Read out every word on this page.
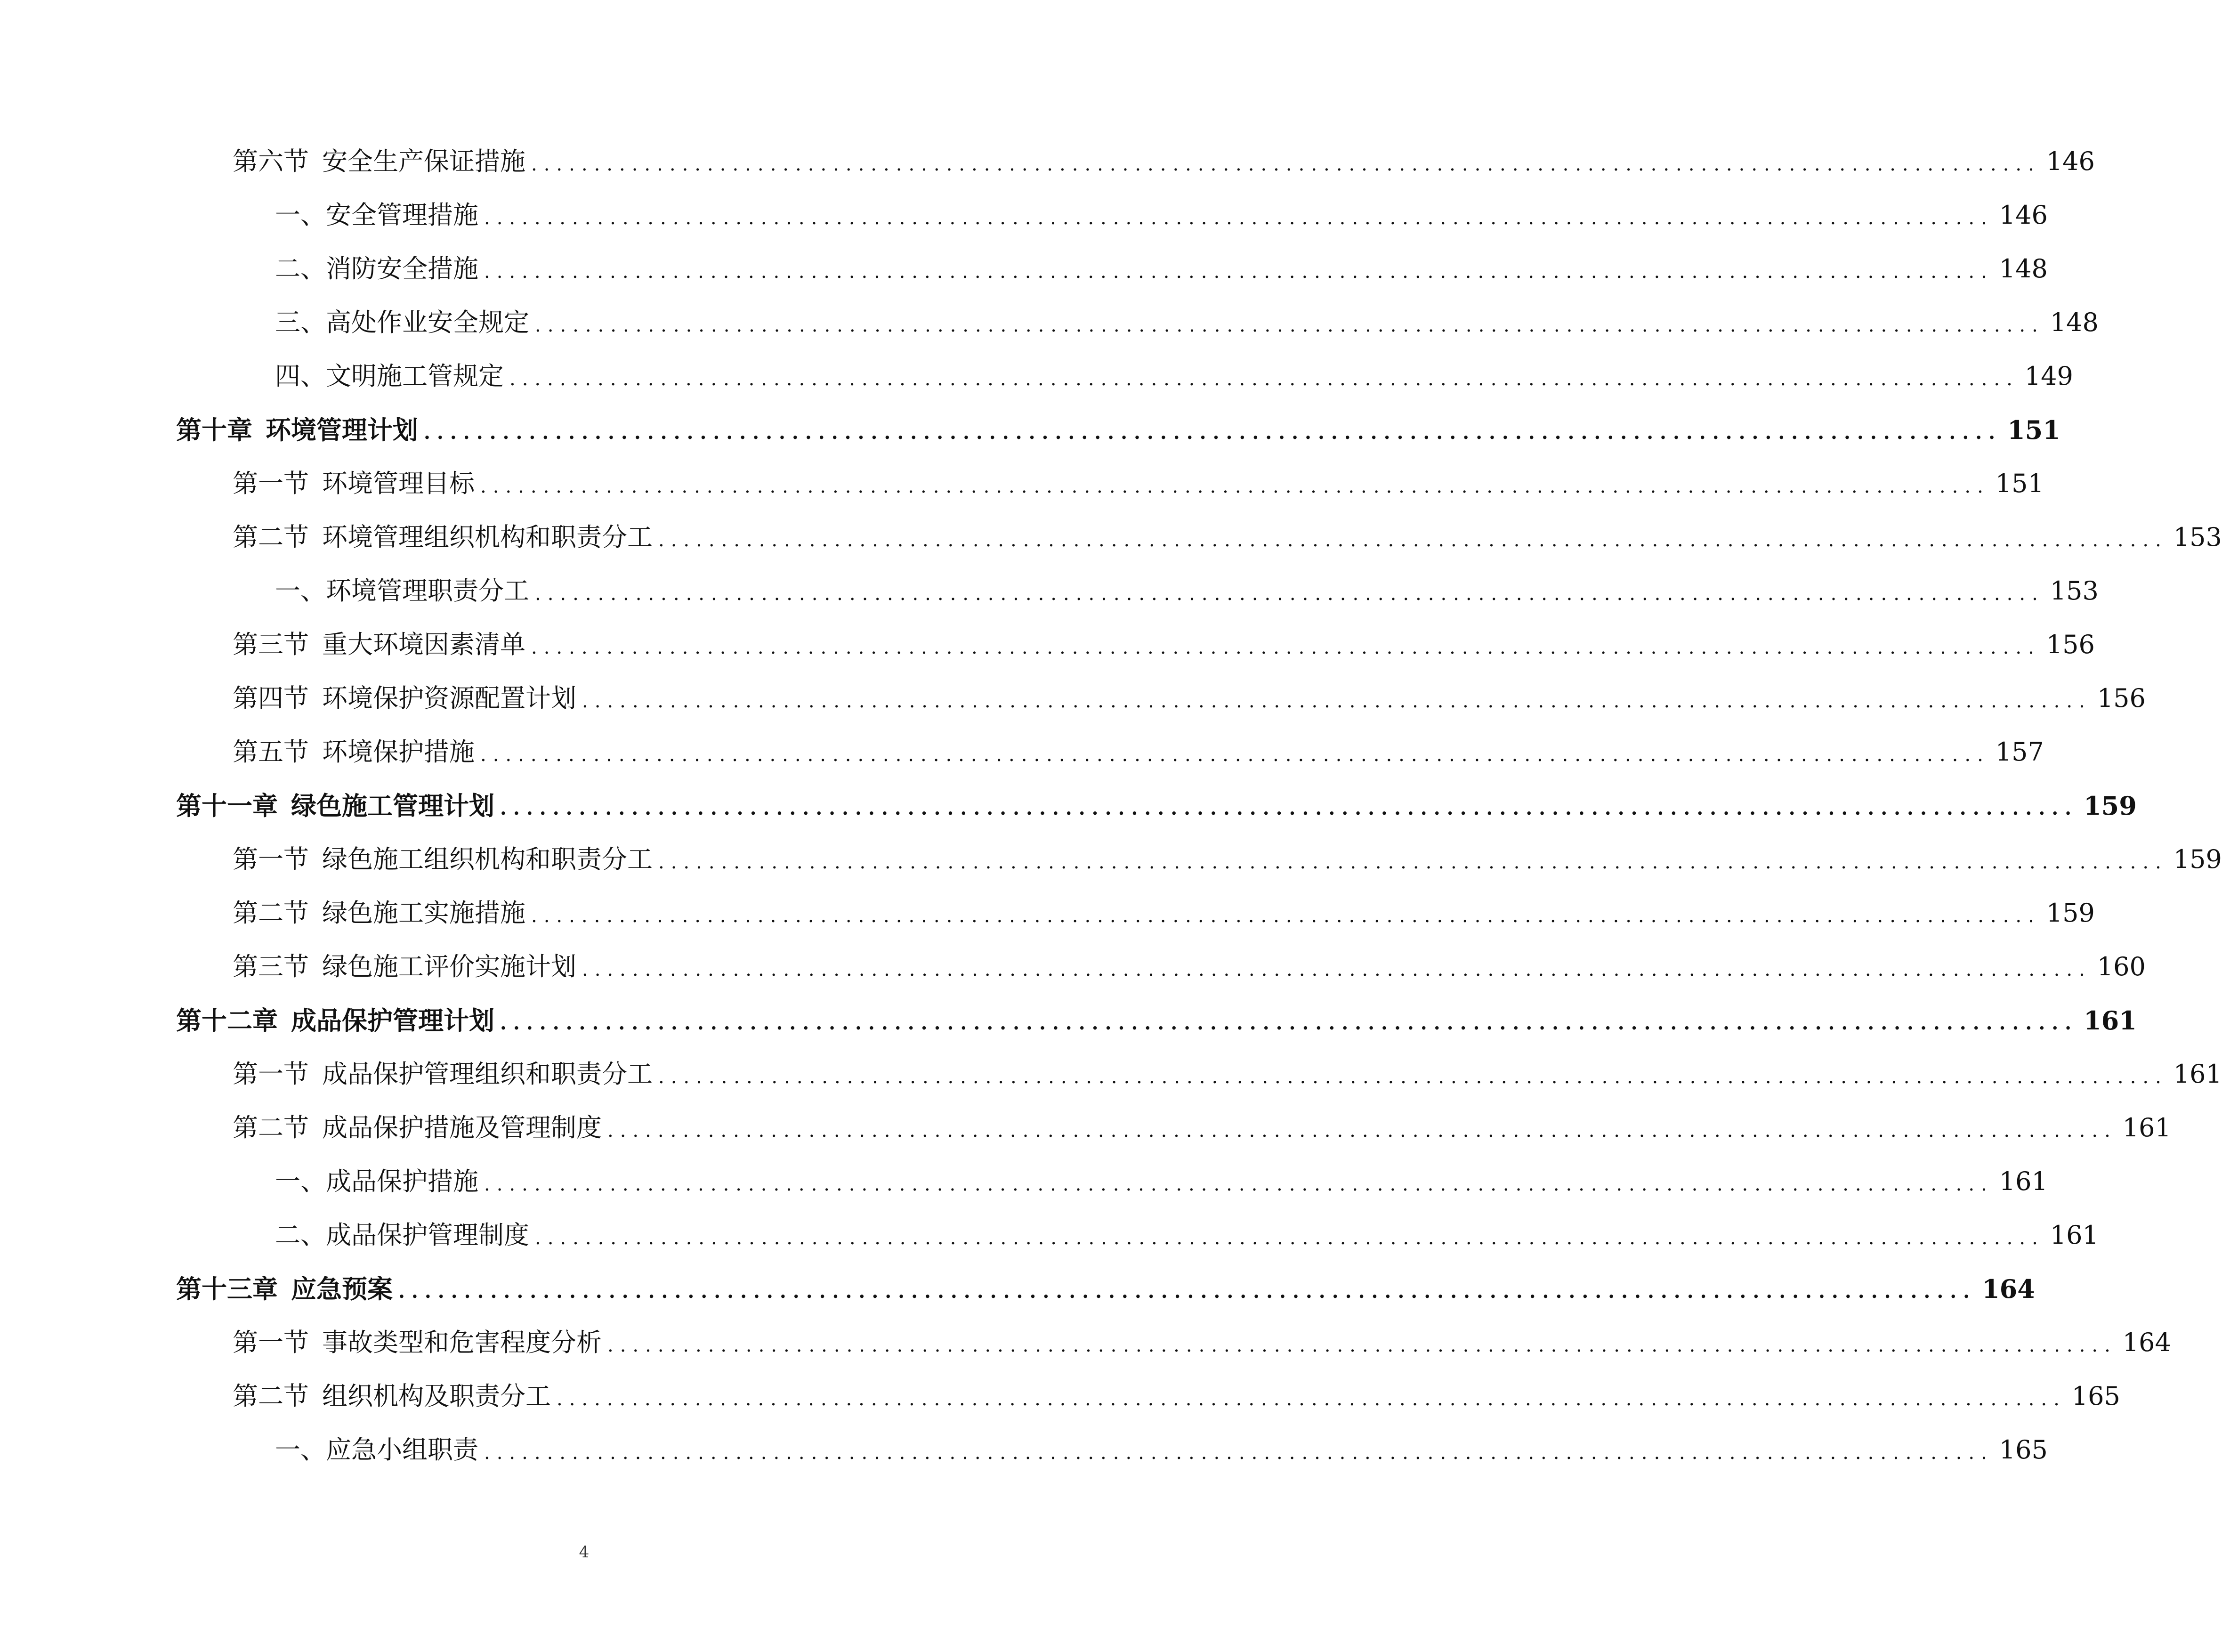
第六节 安全生产保证措施 ........................................................................................................................ 146
一、安全管理措施 ........................................................................................................................ 146
二、消防安全措施 ........................................................................................................................ 148
三、高处作业安全规定 ........................................................................................................................ 148
四、文明施工管规定 ........................................................................................................................ 149
第十章 环境管理计划 ........................................................................................................................ 151
第一节 环境管理目标 ........................................................................................................................ 151
第二节 环境管理组织机构和职责分工 ........................................................................................................................ 153
一、环境管理职责分工 ........................................................................................................................ 153
第三节 重大环境因素清单 ........................................................................................................................ 156
第四节 环境保护资源配置计划 ........................................................................................................................ 156
第五节 环境保护措施 ........................................................................................................................ 157
第十一章 绿色施工管理计划 ........................................................................................................................ 159
第一节 绿色施工组织机构和职责分工 ........................................................................................................................ 159
第二节 绿色施工实施措施 ........................................................................................................................ 159
第三节 绿色施工评价实施计划 ........................................................................................................................ 160
第十二章 成品保护管理计划 ........................................................................................................................ 161
第一节 成品保护管理组织和职责分工 ........................................................................................................................ 161
第二节 成品保护措施及管理制度 ........................................................................................................................ 161
一、成品保护措施 ........................................................................................................................ 161
二、成品保护管理制度 ........................................................................................................................ 161
第十三章 应急预案 ........................................................................................................................ 164
第一节 事故类型和危害程度分析 ........................................................................................................................ 164
第二节 组织机构及职责分工 ........................................................................................................................ 165
一、应急小组职责 ........................................................................................................................ 165
4
